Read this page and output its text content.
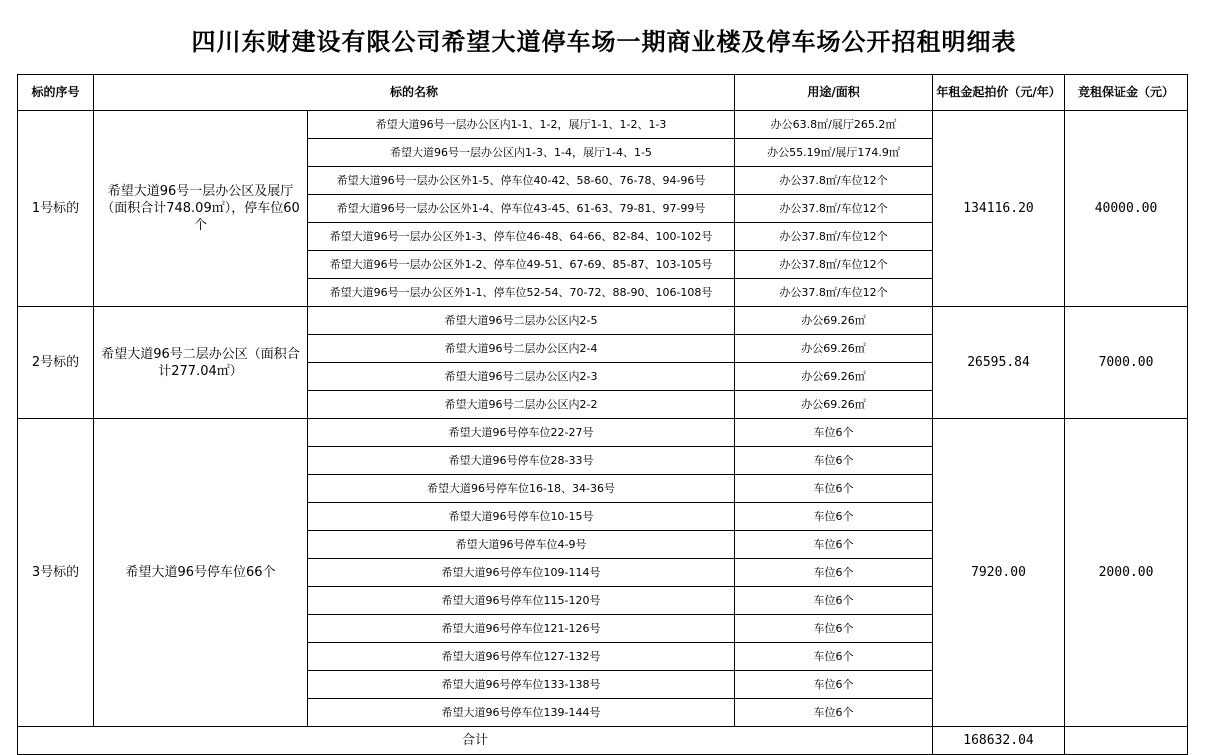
四川东财建设有限公司希望大道停车场一期商业楼及停车场公开招租明细表
标的序号	标的名称		用途/面积	年租金起拍价（元/年）	竞租保证金（元）
1号标的	希望大道96号一层办公区及展厅（面积合计748.09㎡），停车位60个	希望大道96号一层办公区内1-1、1-2，展厅1-1、1-2、1-3	办公63.8㎡/展厅265.2㎡	134116.20	40000.00
		希望大道96号一层办公区内1-3、1-4，展厅1-4、1-5	办公55.19㎡/展厅174.9㎡		
		希望大道96号一层办公区外1-5、停车位40-42、58-60、76-78、94-96号	办公37.8㎡/车位12个		
		希望大道96号一层办公区外1-4、停车位43-45、61-63、79-81、97-99号	办公37.8㎡/车位12个		
		希望大道96号一层办公区外1-3、停车位46-48、64-66、82-84、100-102号	办公37.8㎡/车位12个		
		希望大道96号一层办公区外1-2、停车位49-51、67-69、85-87、103-105号	办公37.8㎡/车位12个		
		希望大道96号一层办公区外1-1、停车位52-54、70-72、88-90、106-108号	办公37.8㎡/车位12个		
2号标的	希望大道96号二层办公区（面积合计277.04㎡）	希望大道96号二层办公区内2-5	办公69.26㎡	26595.84	7000.00
		希望大道96号二层办公区内2-4	办公69.26㎡		
		希望大道96号二层办公区内2-3	办公69.26㎡		
		希望大道96号二层办公区内2-2	办公69.26㎡		
3号标的	希望大道96号停车位66个	希望大道96号停车位22-27号	车位6个	7920.00	2000.00
		希望大道96号停车位28-33号	车位6个		
		希望大道96号停车位16-18、34-36号	车位6个		
		希望大道96号停车位10-15号	车位6个		
		希望大道96号停车位4-9号	车位6个		
		希望大道96号停车位109-114号	车位6个		
		希望大道96号停车位115-120号	车位6个		
		希望大道96号停车位121-126号	车位6个		
		希望大道96号停车位127-132号	车位6个		
		希望大道96号停车位133-138号	车位6个		
		希望大道96号停车位139-144号	车位6个		
合计				168632.04	
